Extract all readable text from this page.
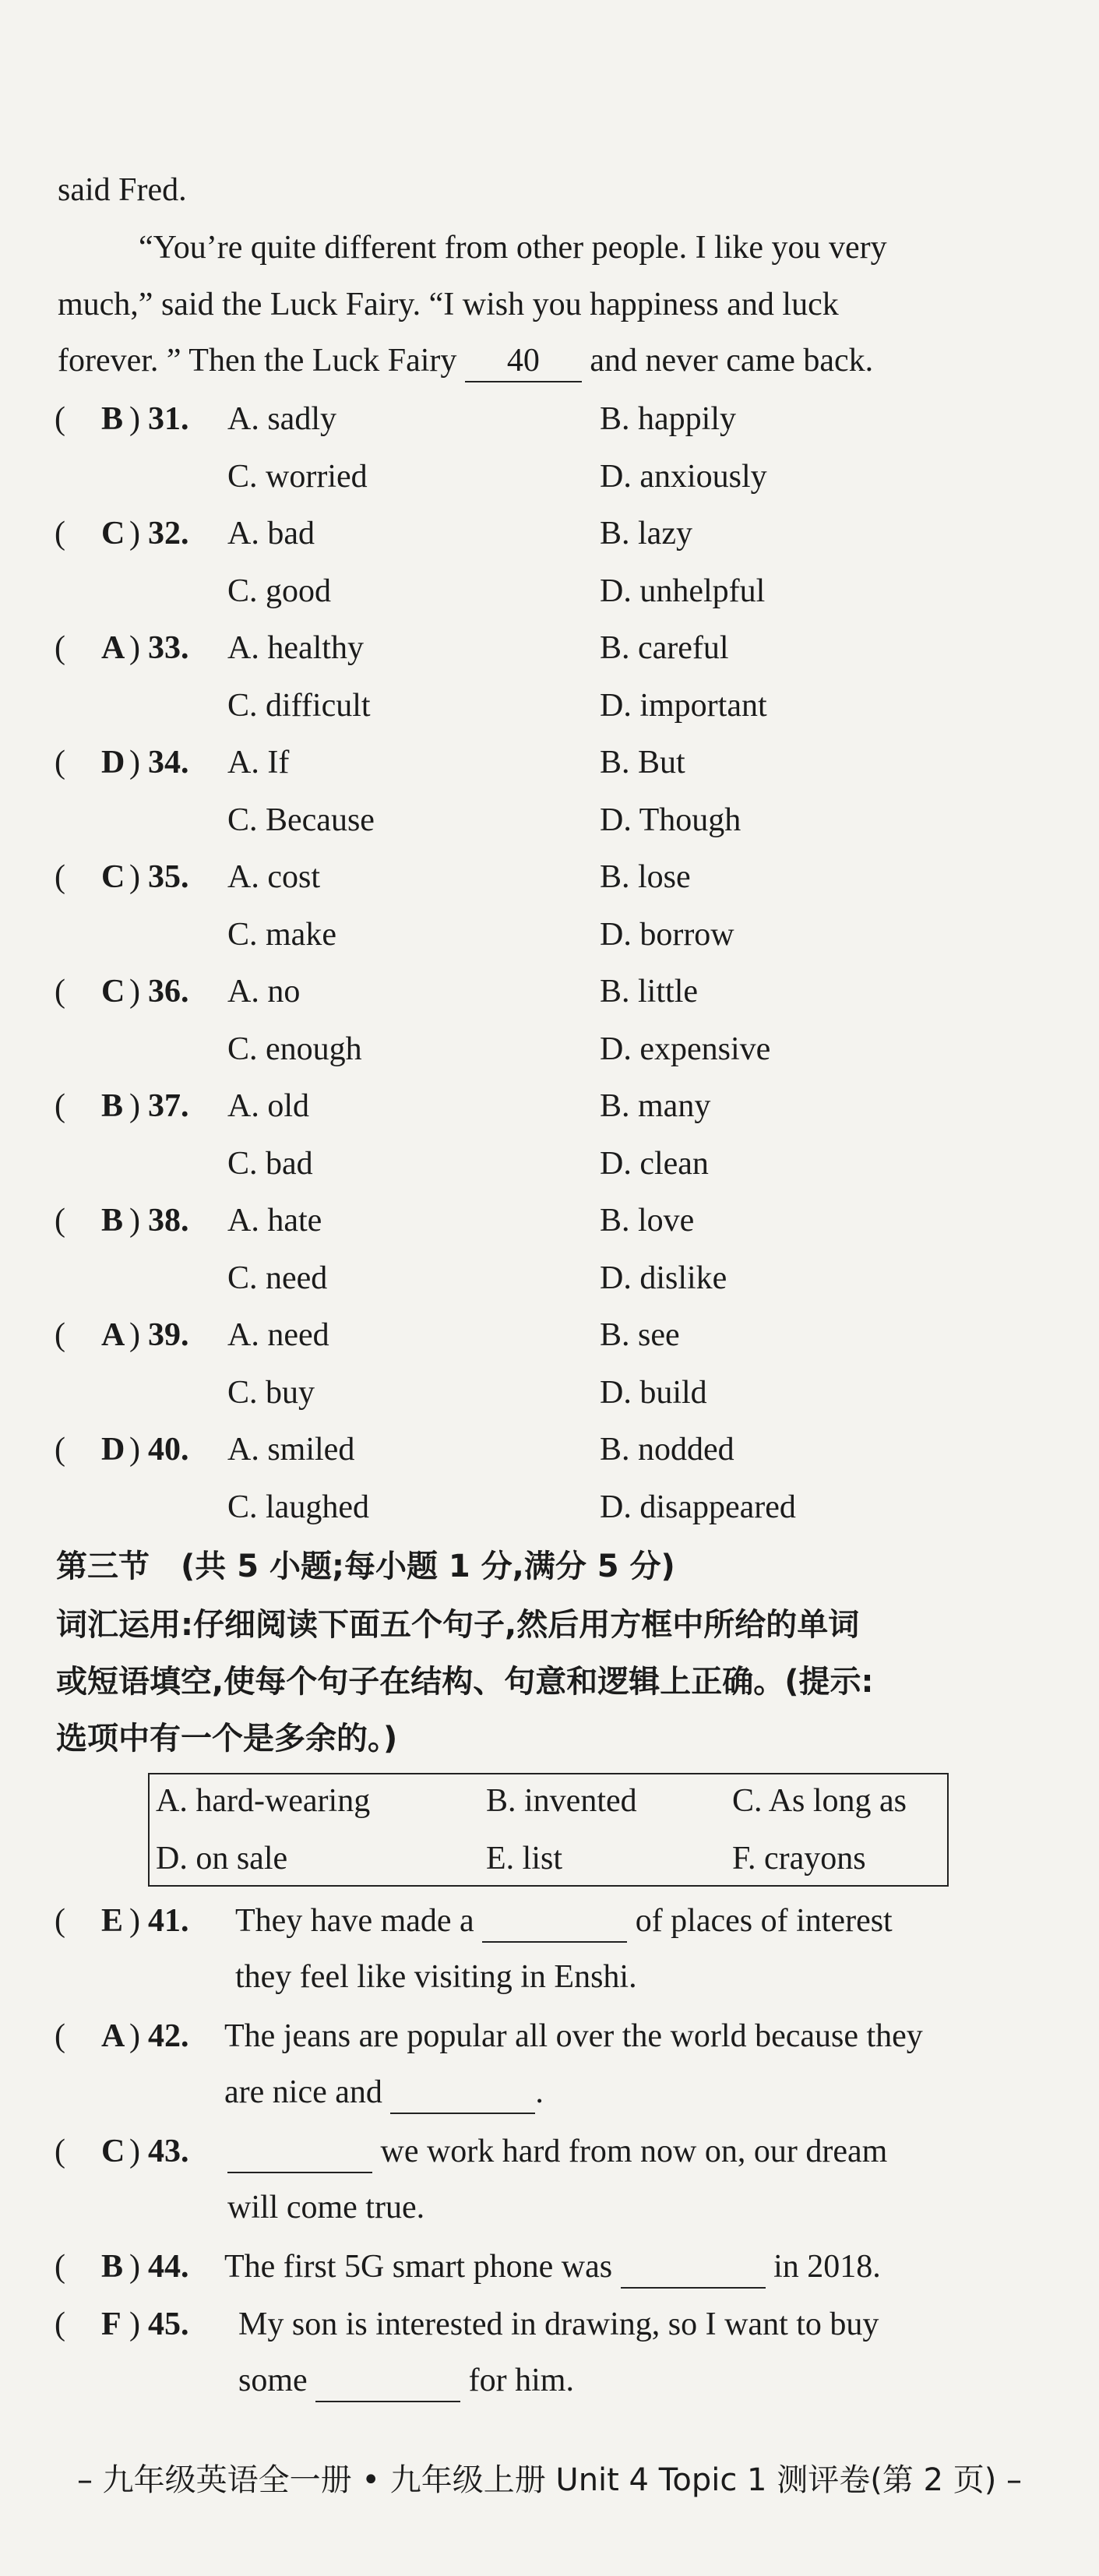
said Fred.
“You’re quite different from other people. I like you very
much,” said the Luck Fairy. “I wish you happiness and luck
forever. ” Then the Luck Fairy 40 and never came back.
( B ) 31. A. sadly	B. happily
C. worried	D. anxiously
( C ) 32. A. bad	B. lazy
C. good	D. unhelpful
( A ) 33. A. healthy	B. careful
C. difficult	D. important
( D ) 34. A. If	B. But
C. Because	D. Though
( C ) 35. A. cost	B. lose
C. make	D. borrow
( C ) 36. A. no	B. little
C. enough	D. expensive
( B ) 37. A. old	B. many
C. bad	D. clean
( B ) 38. A. hate	B. love
C. need	D. dislike
( A ) 39. A. need	B. see
C. buy	D. build
( D ) 40. A. smiled	B. nodded
C. laughed	D. disappeared
第三节　(共 5 小题;每小题 1 分,满分 5 分)
词汇运用:仔细阅读下面五个句子,然后用方框中所给的单词
或短语填空,使每个句子在结构、句意和逻辑上正确。(提示:
选项中有一个是多余的。)
A. hard-wearing	B. invented	C. As long as
D. on sale	E. list	F. crayons
( E ) 41. They have made a	of places of interest
they feel like visiting in Enshi.
( A ) 42. The jeans are popular all over the world because they
are nice and	.
( C ) 43.	we work hard from now on, our dream
will come true.
( B ) 44. The first 5G smart phone was	in 2018.
( F ) 45. My son is interested in drawing, so I want to buy
some	for him.
– 九年级英语全一册 • 九年级上册 Unit 4 Topic 1 测评卷(第 2 页) –
